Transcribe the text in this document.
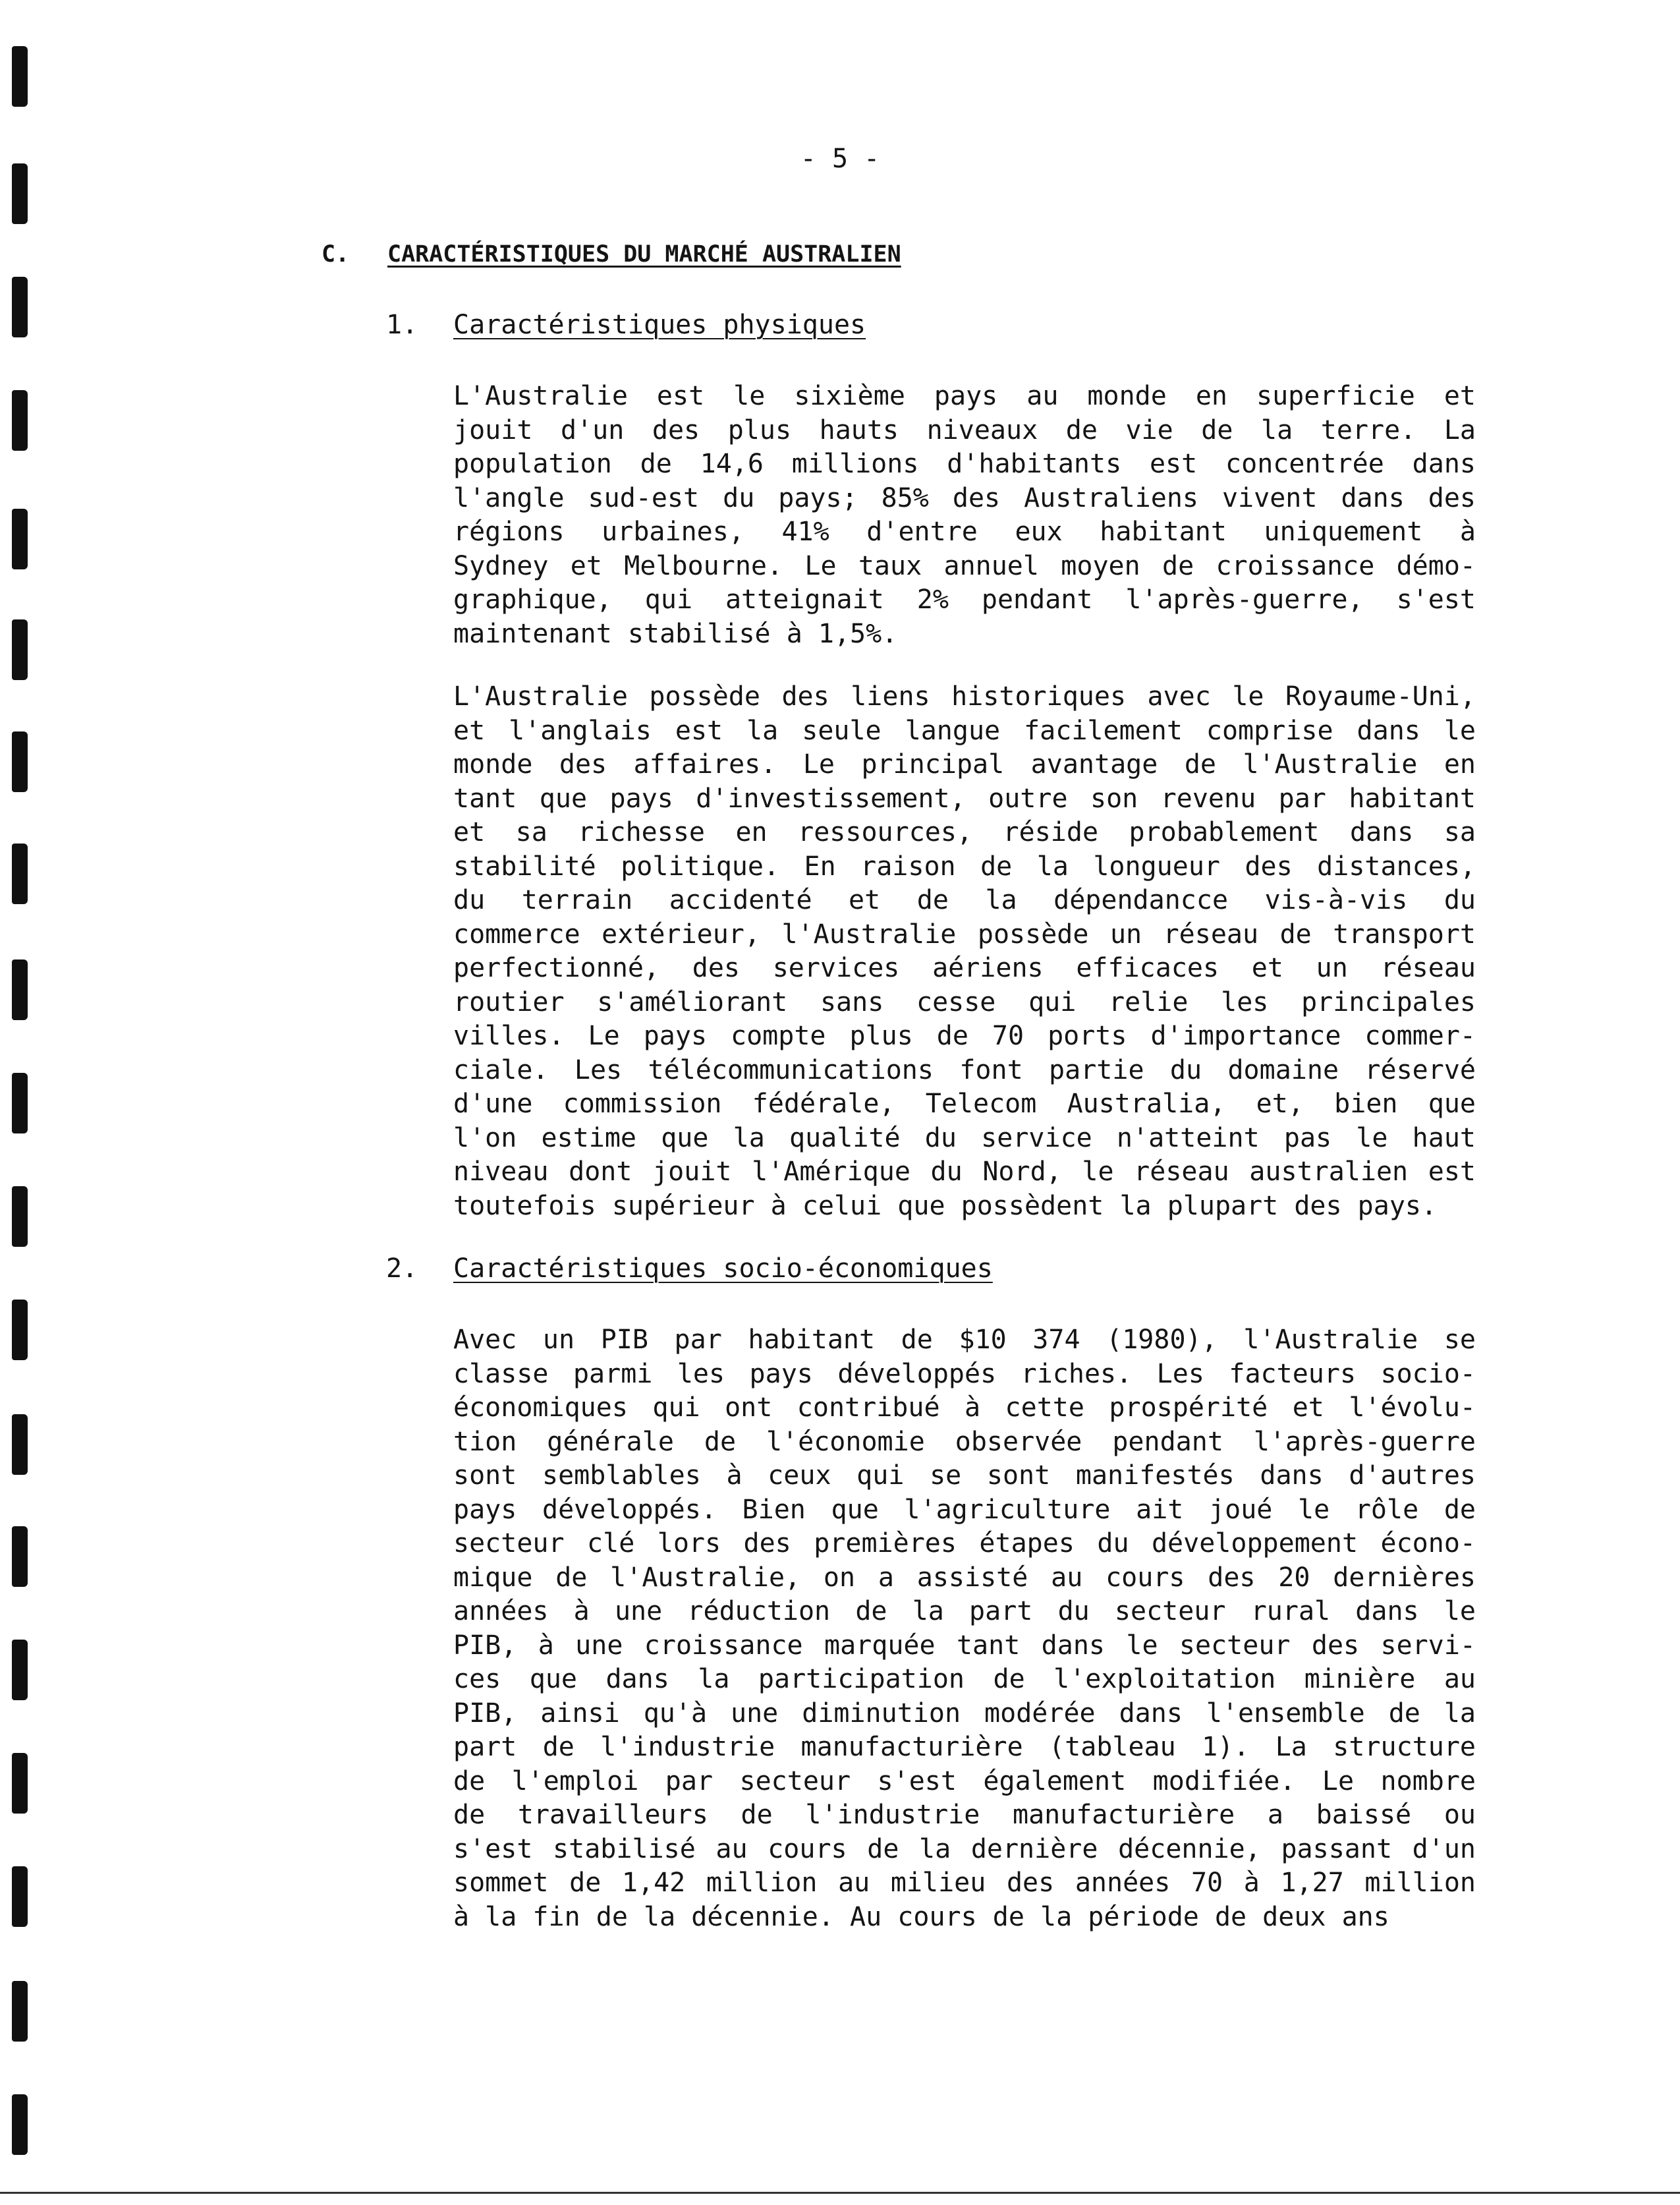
- 5 -
C. CARACTÉRISTIQUES DU MARCHÉ AUSTRALIEN
1. Caractéristiques physiques
L'Australie est le sixième pays au monde en superficie et
jouit d'un des plus hauts niveaux de vie de la terre. La
population de 14,6 millions d'habitants est concentrée dans
l'angle sud-est du pays; 85% des Australiens vivent dans des
régions urbaines, 41% d'entre eux habitant uniquement à
Sydney et Melbourne. Le taux annuel moyen de croissance démo-
graphique, qui atteignait 2% pendant l'après-guerre, s'est
maintenant stabilisé à 1,5%.
L'Australie possède des liens historiques avec le Royaume-Uni,
et l'anglais est la seule langue facilement comprise dans le
monde des affaires. Le principal avantage de l'Australie en
tant que pays d'investissement, outre son revenu par habitant
et sa richesse en ressources, réside probablement dans sa
stabilité politique. En raison de la longueur des distances,
du terrain accidenté et de la dépendancce vis-à-vis du
commerce extérieur, l'Australie possède un réseau de transport
perfectionné, des services aériens efficaces et un réseau
routier s'améliorant sans cesse qui relie les principales
villes. Le pays compte plus de 70 ports d'importance commer-
ciale. Les télécommunications font partie du domaine réservé
d'une commission fédérale, Telecom Australia, et, bien que
l'on estime que la qualité du service n'atteint pas le haut
niveau dont jouit l'Amérique du Nord, le réseau australien est
toutefois supérieur à celui que possèdent la plupart des pays.
2. Caractéristiques socio-économiques
Avec un PIB par habitant de $10 374 (1980), l'Australie se
classe parmi les pays développés riches. Les facteurs socio-
économiques qui ont contribué à cette prospérité et l'évolu-
tion générale de l'économie observée pendant l'après-guerre
sont semblables à ceux qui se sont manifestés dans d'autres
pays développés. Bien que l'agriculture ait joué le rôle de
secteur clé lors des premières étapes du développement écono-
mique de l'Australie, on a assisté au cours des 20 dernières
années à une réduction de la part du secteur rural dans le
PIB, à une croissance marquée tant dans le secteur des servi-
ces que dans la participation de l'exploitation minière au
PIB, ainsi qu'à une diminution modérée dans l'ensemble de la
part de l'industrie manufacturière (tableau 1). La structure
de l'emploi par secteur s'est également modifiée. Le nombre
de travailleurs de l'industrie manufacturière a baissé ou
s'est stabilisé au cours de la dernière décennie, passant d'un
sommet de 1,42 million au milieu des années 70 à 1,27 million
à la fin de la décennie. Au cours de la période de deux ans
